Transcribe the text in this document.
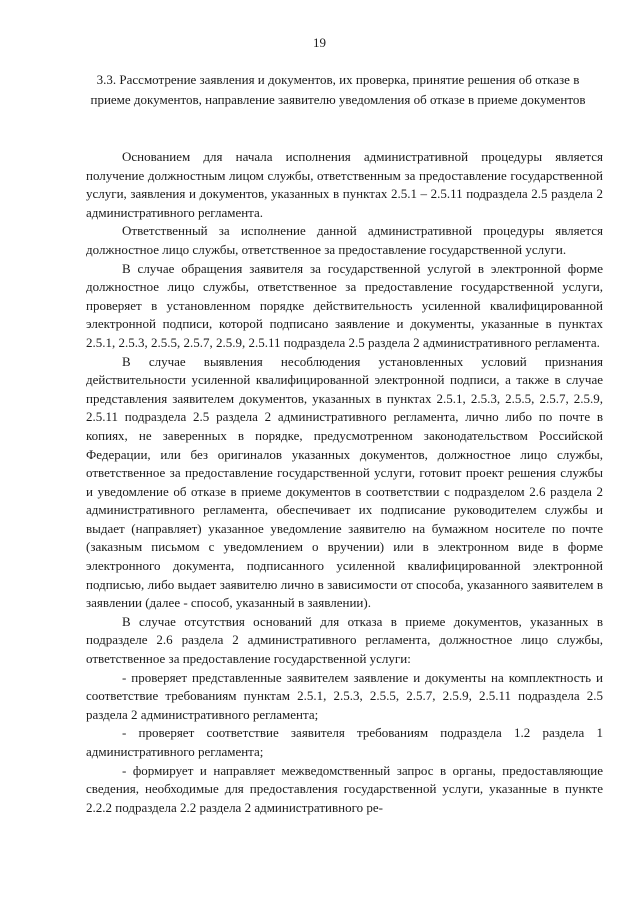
19
3.3. Рассмотрение заявления и документов, их проверка, принятие решения об отказе в приеме документов, направление заявителю уведомления об отказе в приеме документов

Основанием для начала исполнения административной процедуры является получение должностным лицом службы, ответственным за предоставление государственной услуги, заявления и документов, указанных в пунктах 2.5.1 – 2.5.11 подраздела 2.5 раздела 2 административного регламента.

Ответственный за исполнение данной административной процедуры является должностное лицо службы, ответственное за предоставление государственной услуги.

В случае обращения заявителя за государственной услугой в электронной форме должностное лицо службы, ответственное за предоставление государственной услуги, проверяет в установленном порядке действительность усиленной квалифицированной электронной подписи, которой подписано заявление и документы, указанные в пунктах 2.5.1, 2.5.3, 2.5.5, 2.5.7, 2.5.9, 2.5.11 подраздела 2.5 раздела 2 административного регламента.

В случае выявления несоблюдения установленных условий признания действительности усиленной квалифицированной электронной подписи, а также в случае представления заявителем документов, указанных в пунктах 2.5.1, 2.5.3, 2.5.5, 2.5.7, 2.5.9, 2.5.11 подраздела 2.5 раздела 2 административного регламента, лично либо по почте в копиях, не заверенных в порядке, предусмотренном законодательством Российской Федерации, или без оригиналов указанных документов, должностное лицо службы, ответственное за предоставление государственной услуги, готовит проект решения службы и уведомление об отказе в приеме документов в соответствии с подразделом 2.6 раздела 2 административного регламента, обеспечивает их подписание руководителем службы и выдает (направляет) указанное уведомление заявителю на бумажном носителе по почте (заказным письмом с уведомлением о вручении) или в электронном виде в форме электронного документа, подписанного усиленной квалифицированной электронной подписью, либо выдает заявителю лично в зависимости от способа, указанного заявителем в заявлении (далее - способ, указанный в заявлении).

В случае отсутствия оснований для отказа в приеме документов, указанных в подразделе 2.6 раздела 2 административного регламента, должностное лицо службы, ответственное за предоставление государственной услуги:

- проверяет представленные заявителем заявление и документы на комплектность и соответствие требованиям пунктам 2.5.1, 2.5.3, 2.5.5, 2.5.7, 2.5.9, 2.5.11 подраздела 2.5 раздела 2 административного регламента;

- проверяет соответствие заявителя требованиям подраздела 1.2 раздела 1 административного регламента;

- формирует и направляет межведомственный запрос в органы, предоставляющие сведения, необходимые для предоставления государственной услуги, указанные в пункте 2.2.2 подраздела 2.2 раздела 2 административного ре-
